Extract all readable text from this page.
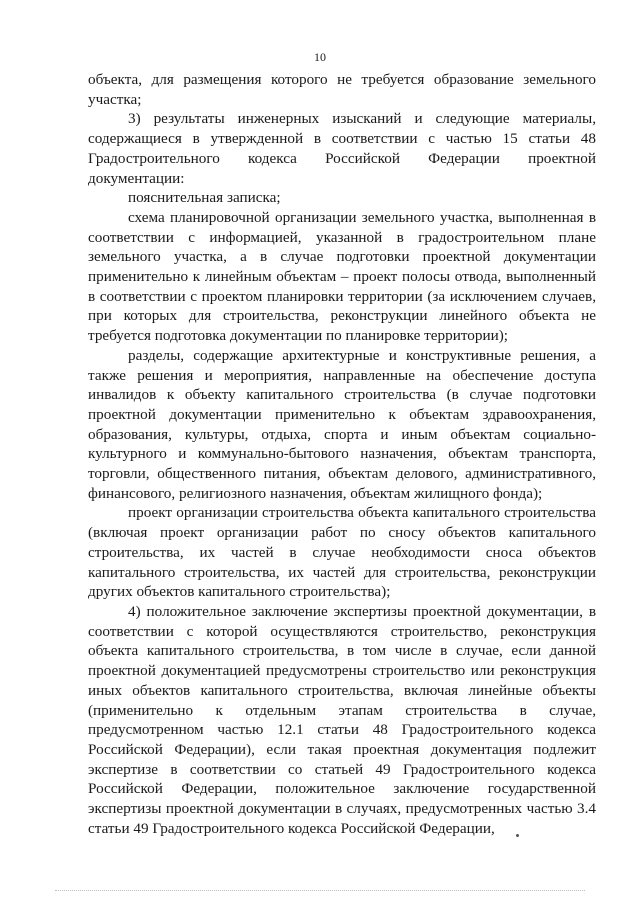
10

объекта, для размещения которого не требуется образование земельного участка;

3) результаты инженерных изысканий и следующие материалы, содержащиеся в утвержденной в соответствии с частью 15 статьи 48 Градостроительного кодекса Российской Федерации проектной документации:

пояснительная записка;

схема планировочной организации земельного участка, выполненная в соответствии с информацией, указанной в градостроительном плане земельного участка, а в случае подготовки проектной документации применительно к линейным объектам – проект полосы отвода, выполненный в соответствии с проектом планировки территории (за исключением случаев, при которых для строительства, реконструкции линейного объекта не требуется подготовка документации по планировке территории);

разделы, содержащие архитектурные и конструктивные решения, а также решения и мероприятия, направленные на обеспечение доступа инвалидов к объекту капитального строительства (в случае подготовки проектной документации применительно к объектам здравоохранения, образования, культуры, отдыха, спорта и иным объектам социально-культурного и коммунально-бытового назначения, объектам транспорта, торговли, общественного питания, объектам делового, административного, финансового, религиозного назначения, объектам жилищного фонда);

проект организации строительства объекта капитального строительства (включая проект организации работ по сносу объектов капитального строительства, их частей в случае необходимости сноса объектов капитального строительства, их частей для строительства, реконструкции других объектов капитального строительства);

4) положительное заключение экспертизы проектной документации, в соответствии с которой осуществляются строительство, реконструкция объекта капитального строительства, в том числе в случае, если данной проектной документацией предусмотрены строительство или реконструкция иных объектов капитального строительства, включая линейные объекты (применительно к отдельным этапам строительства в случае, предусмотренном частью 12.1 статьи 48 Градостроительного кодекса Российской Федерации), если такая проектная документация подлежит экспертизе в соответствии со статьей 49 Градостроительного кодекса Российской Федерации, положительное заключение государственной экспертизы проектной документации в случаях, предусмотренных частью 3.4 статьи 49 Градостроительного кодекса Российской Федерации,
